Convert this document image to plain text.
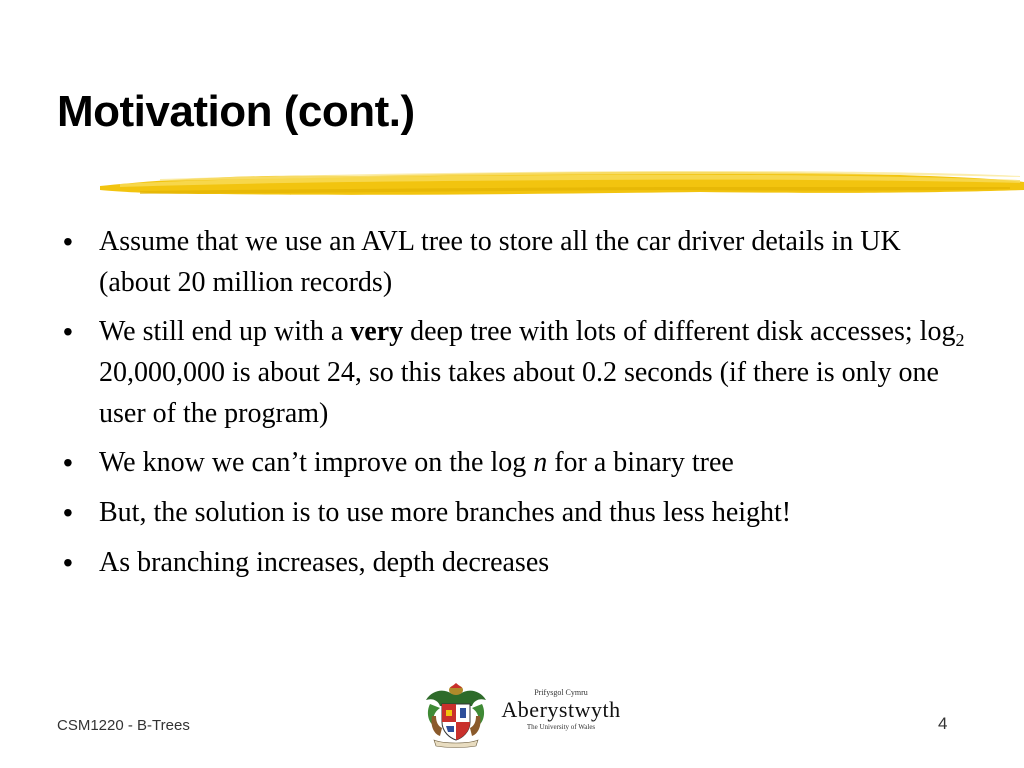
Motivation (cont.)
• Assume that we use an AVL tree to store all the car driver details in UK (about 20 million records)
• We still end up with a very deep tree with lots of different disk accesses; $\log_2 20,000,000$ is about 24, so this takes about 0.2 seconds (if there is only one user of the program)
• We know we can’t improve on the log n for a binary tree
• But, the solution is to use more branches and thus less height!
• As branching increases, depth decreases
CSM1220 - B-Trees
Prifysgol Cymru
Aberystwyth
The University of Wales	4
